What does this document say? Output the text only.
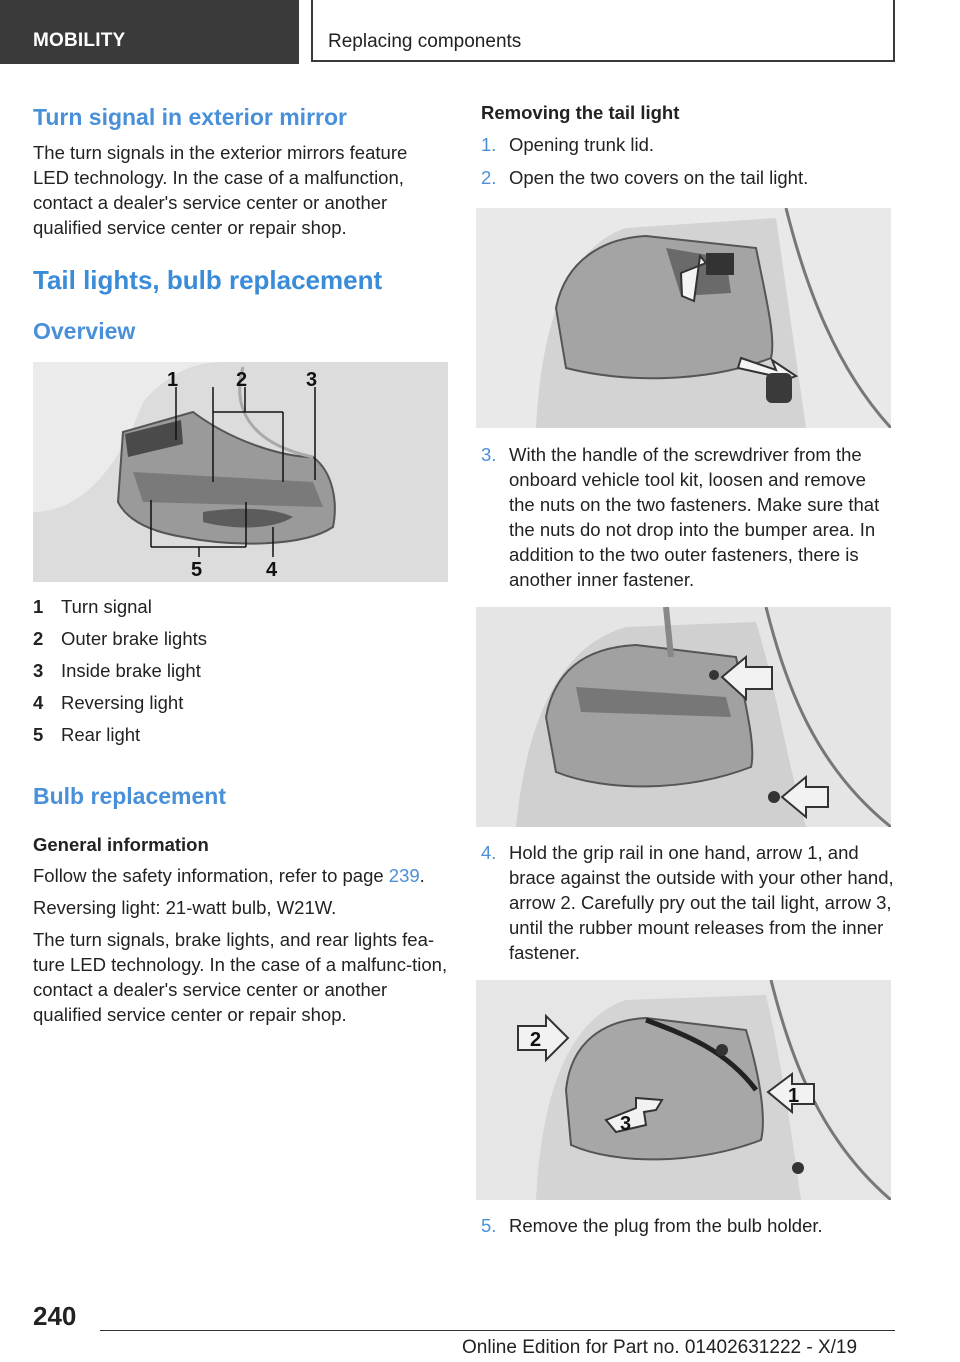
MOBILITY	Replacing components
Turn signal in exterior mirror

The turn signals in the exterior mirrors feature LED technology. In the case of a malfunction, contact a dealer's service center or another qualified service center or repair shop.

Tail lights, bulb replacement
Overview
1	2	3
4
5
1 Turn signal
2 Outer brake lights
3 Inside brake light
4 Reversing light
5 Rear light
Bulb replacement

General information

Follow the safety information, refer to page 239.

Reversing light: 21‑watt bulb, W21W.

The turn signals, brake lights, and rear lights fea‐ture LED technology. In the case of a malfunc‐tion, contact a dealer's service center or another qualified service center or repair shop.

Removing the tail light

1. Opening trunk lid.
2. Open the two covers on the tail light.
3. With the handle of the screwdriver from the onboard vehicle tool kit, loosen and remove the nuts on the two fasteners. Make sure that the nuts do not drop into the bumper area. In addition to the two outer fasteners, there is another inner fastener.
4. Hold the grip rail in one hand, arrow 1, and brace against the outside with your other hand, arrow 2. Carefully pry out the tail light, arrow 3, until the rubber mount releases from the inner fastener.
2
1
3
5. Remove the plug from the bulb holder.
240
Online Edition for Part no. 01402631222 - X/19
